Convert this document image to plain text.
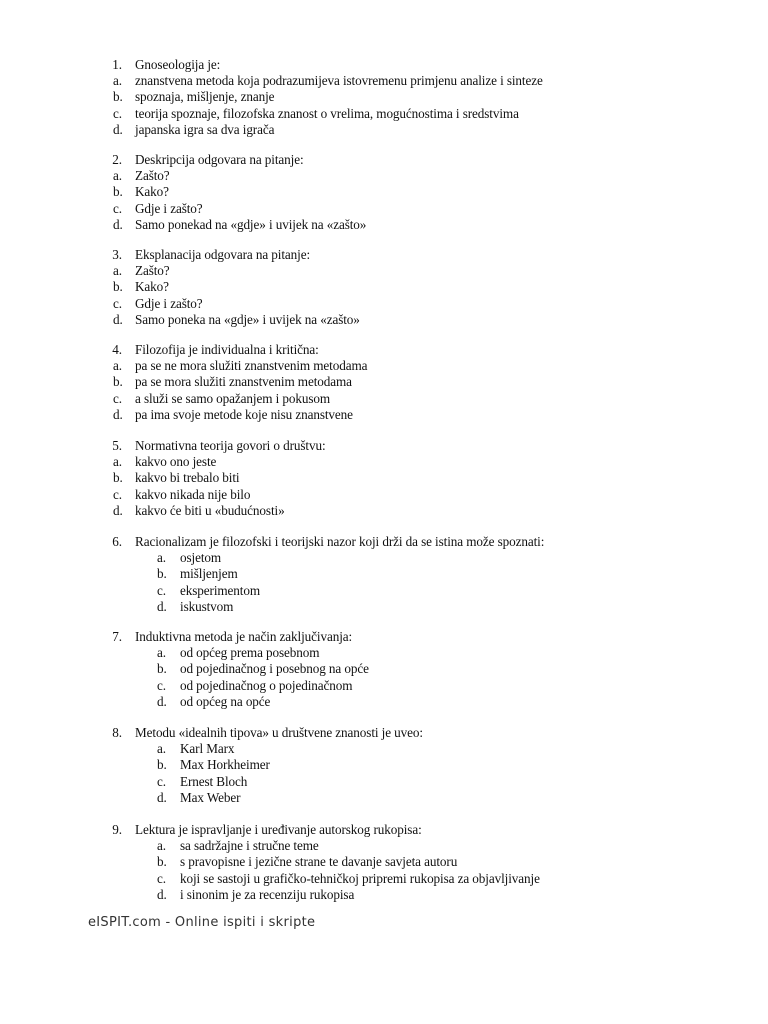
eISPIT.com - Online ispiti i skripte
1. Gnoseologija je:
a. znanstvena metoda koja podrazumijeva istovremenu primjenu analize i sinteze
b. spoznaja, mišljenje, znanje
c. teorija spoznaje, filozofska znanost o vrelima, mogućnostima i sredstvima
d. japanska igra sa dva igrača
2. Deskripcija odgovara na pitanje:
a. Zašto?
b. Kako?
c. Gdje i zašto?
d. Samo ponekad na «gdje» i uvijek na «zašto»
3. Eksplanacija odgovara na pitanje:
a. Zašto?
b. Kako?
c. Gdje i zašto?
d. Samo poneka na «gdje» i uvijek na «zašto»
4. Filozofija je individualna i kritična:
a. pa se ne mora služiti znanstvenim metodama
b. pa se mora služiti znanstvenim metodama
c. a služi se samo opažanjem i pokusom
d. pa ima svoje metode koje nisu znanstvene
5. Normativna teorija govori o društvu:
a. kakvo ono jeste
b. kakvo bi trebalo biti
c. kakvo nikada nije bilo
d. kakvo će biti u «budućnosti»
6. Racionalizam je filozofski i teorijski nazor koji drži da se istina može spoznati:
a. osjetom
b. mišljenjem
c. eksperimentom
d. iskustvom
7. Induktivna metoda je način zaključivanja:
a. od općeg prema posebnom
b. od pojedinačnog i posebnog na opće
c. od pojedinačnog o pojedinačnom
d. od općeg na opće
8. Metodu «idealnih tipova» u društvene znanosti je uveo:
a. Karl Marx
b. Max Horkheimer
c. Ernest Bloch
d. Max Weber
9. Lektura je ispravljanje i uređivanje autorskog rukopisa:
a. sa sadržajne i stručne teme
b. s pravopisne i jezične strane te davanje savjeta autoru
c. koji se sastoji u grafičko-tehničkoj pripremi rukopisa za objavljivanje
d. i sinonim je za recenziju rukopisa
